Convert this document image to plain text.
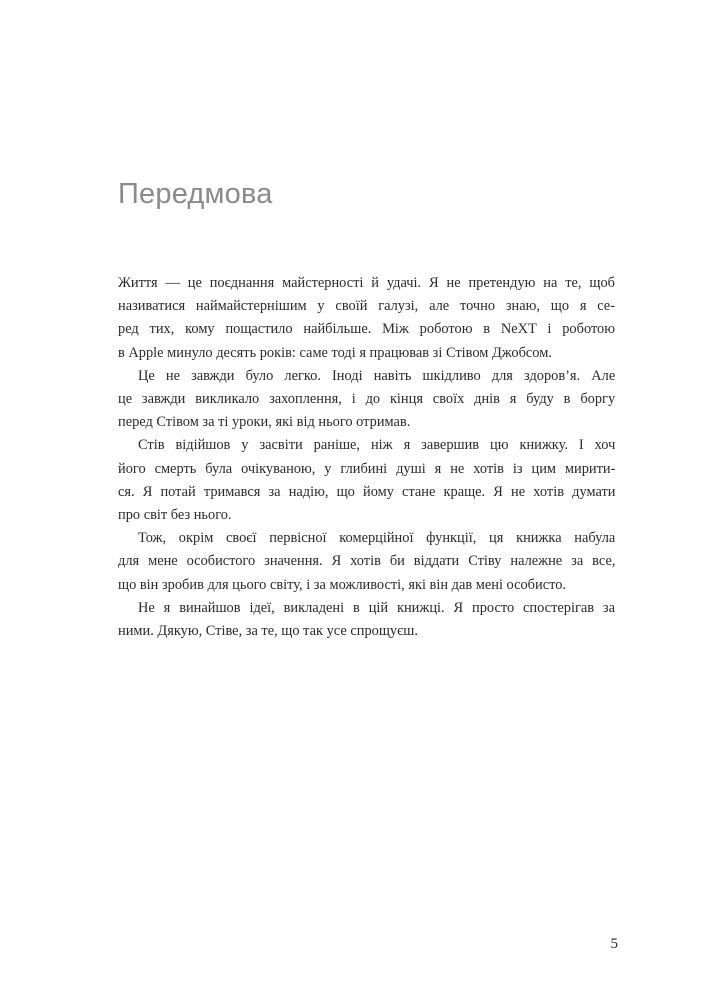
Передмова

Життя — це поєднання майстерності й удачі. Я не претендую на те, щоб
називатися наймайстернішим у своїй галузі, але точно знаю, що я се-
ред тих, кому пощастило найбільше. Між роботою в NeXT і роботою
в Apple минуло десять років: саме тоді я працював зі Стівом Джобсом.

Це не завжди було легко. Іноді навіть шкідливо для здоров’я. Але
це завжди викликало захоплення, і до кінця своїх днів я буду в боргу
перед Стівом за ті уроки, які від нього отримав.

Стів відійшов у засвіти раніше, ніж я завершив цю книжку. І хоч
його смерть була очікуваною, у глибині душі я не хотів із цим мирити-
ся. Я потай тримався за надію, що йому стане краще. Я не хотів думати
про світ без нього.

Тож, окрім своєї первісної комерційної функції, ця книжка набула
для мене особистого значення. Я хотів би віддати Стіву належне за все,
що він зробив для цього світу, і за можливості, які він дав мені особисто.

Не я винайшов ідеї, викладені в цій книжці. Я просто спостерігав за
ними. Дякую, Стіве, за те, що так усе спрощуєш.

5
